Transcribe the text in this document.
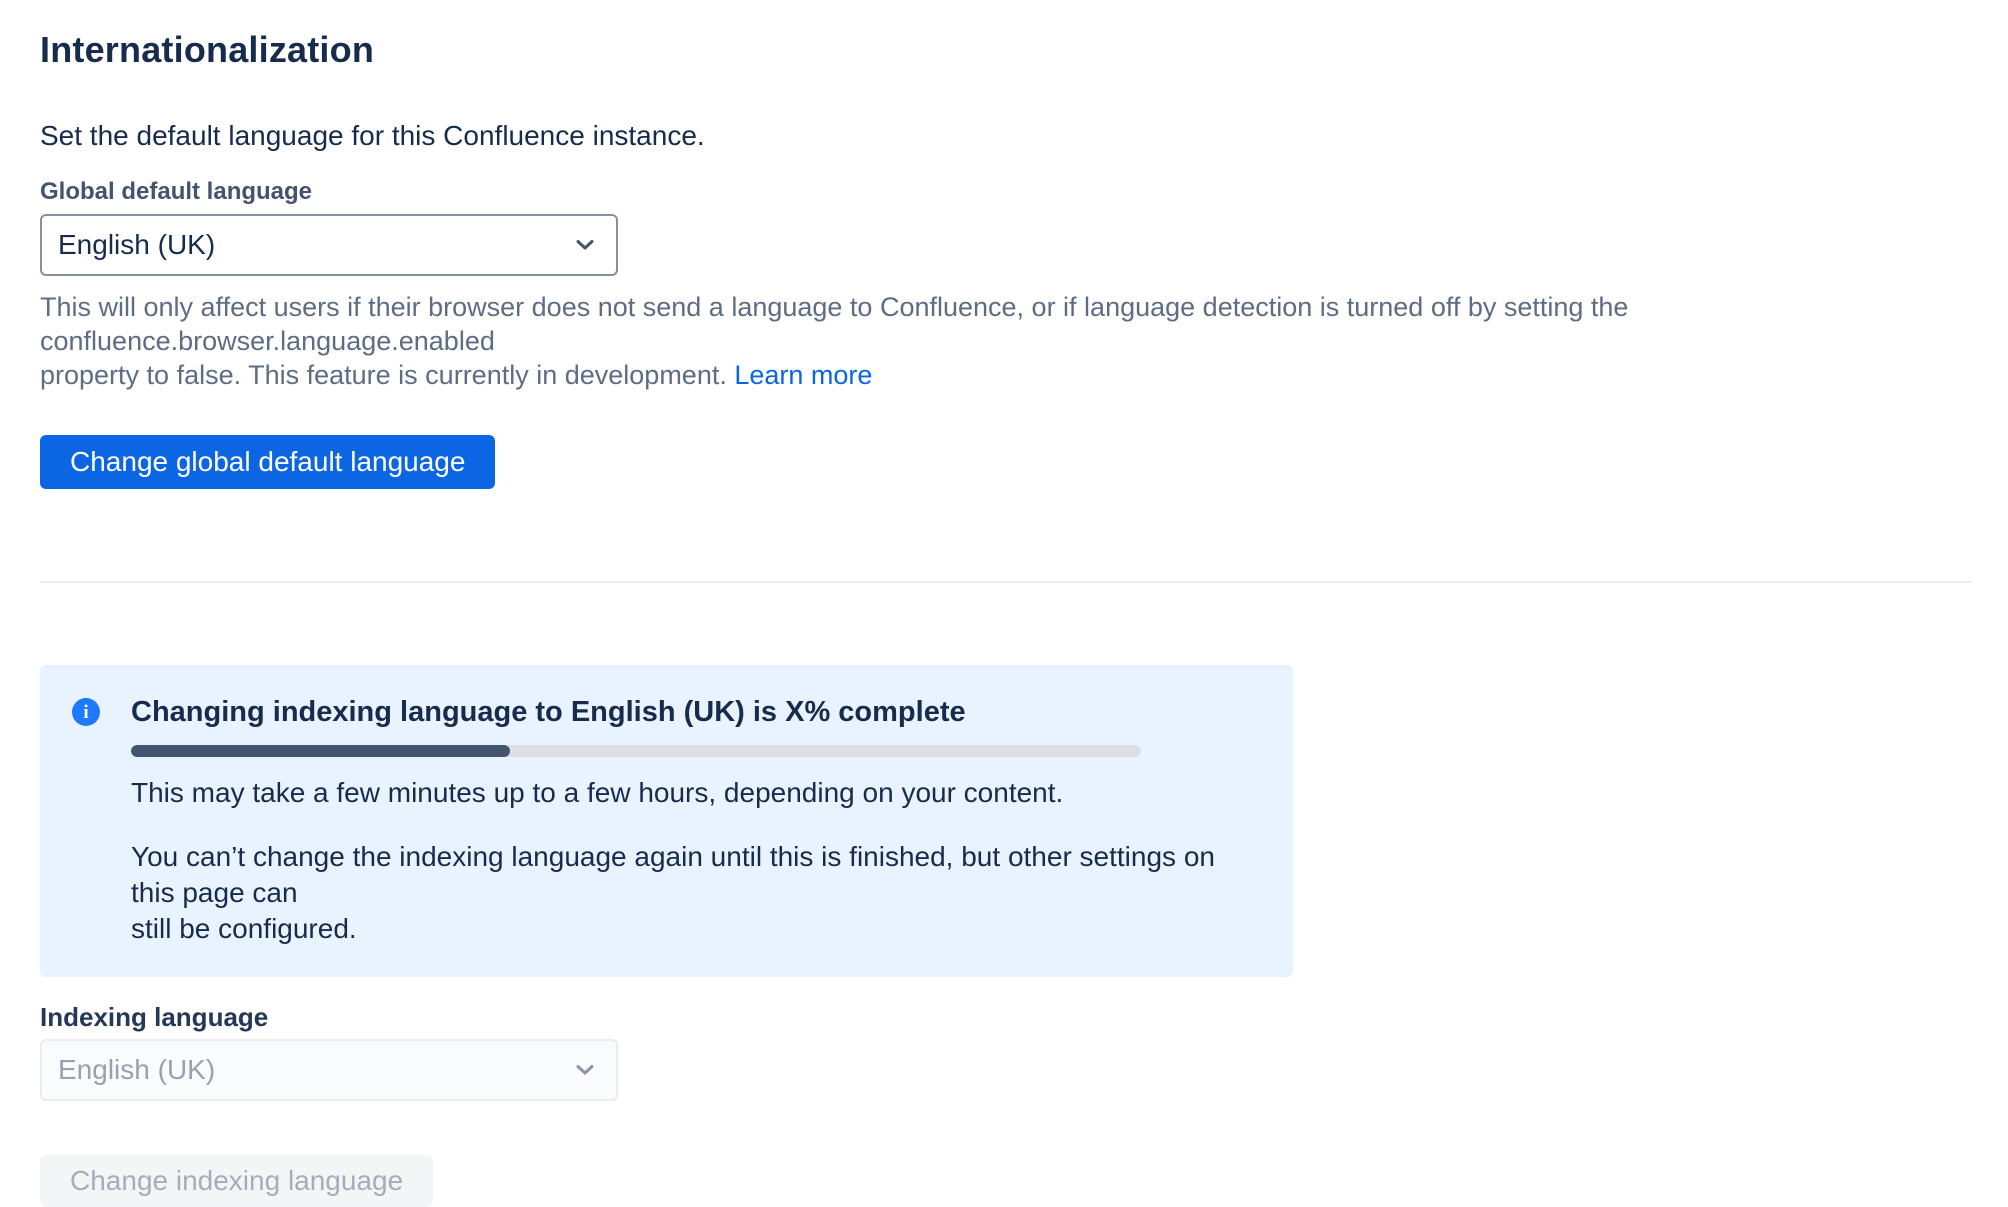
Internationalization

Set the default language for this Confluence instance.

Global default language
English (UK)

This will only affect users if their browser does not send a language to Confluence, or if language detection is turned off by setting the confluence.browser.language.enabled
property to false. This feature is currently in development. Learn more

Change global default language
i	Changing indexing language to English (UK) is X% complete

This may take a few minutes up to a few hours, depending on your content.

You can’t change the indexing language again until this is finished, but other settings on this page can
still be configured.

Indexing language
English (UK)

Change indexing language
